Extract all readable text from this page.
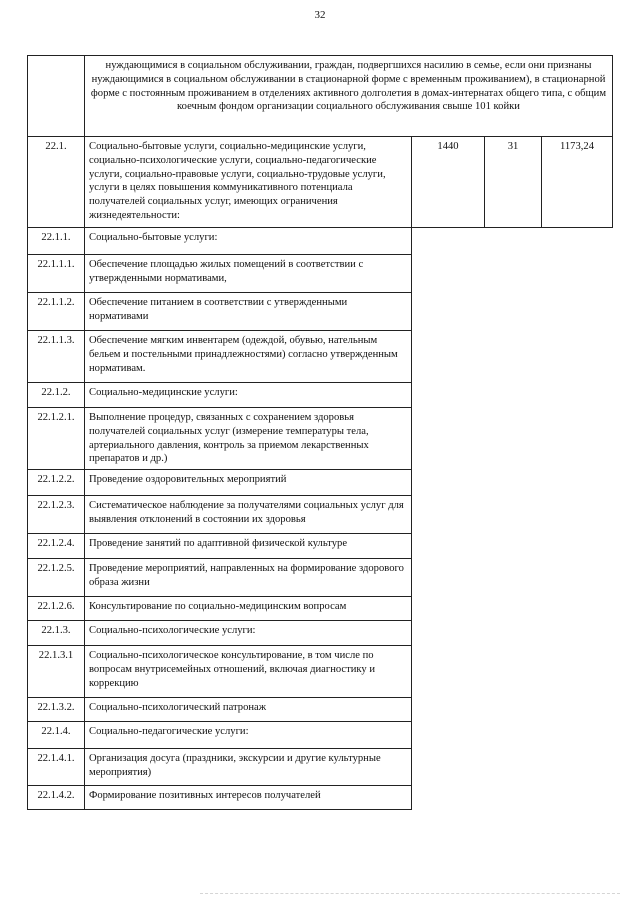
32
	нуждающимися в социальном обслуживании, граждан, подвергшихся насилию в семье, если они признаны нуждающимися в социальном обслуживании в стационарной форме с временным проживанием), в стационарной форме с постоянным проживанием в отделениях активного долголетия в домах-интернатах общего типа, с общим коечным фондом организации социального обслуживания свыше 101 койки			
22.1.	Социально-бытовые услуги, социально-медицинские услуги, социально-психологические услуги, социально-педагогические услуги, социально-правовые услуги, социально-трудовые услуги, услуги в целях повышения коммуникативного потенциала получателей социальных услуг, имеющих ограничения жизнедеятельности:	1440	31	1173,24
22.1.1.	Социально-бытовые услуги:			
22.1.1.1.	Обеспечение площадью жилых помещений в соответствии с утвержденными нормативами,			
22.1.1.2.	Обеспечение питанием в соответствии с утвержденными нормативами			
22.1.1.3.	Обеспечение мягким инвентарем (одеждой, обувью, нательным бельем и постельными принадлежностями) согласно утвержденным нормативам.			
22.1.2.	Социально-медицинские услуги:			
22.1.2.1.	Выполнение процедур, связанных с сохранением здоровья получателей социальных услуг (измерение температуры тела, артериального давления, контроль за приемом лекарственных препаратов и др.)			
22.1.2.2.	Проведение оздоровительных мероприятий			
22.1.2.3.	Систематическое наблюдение за получателями социальных услуг для выявления отклонений в состоянии их здоровья			
22.1.2.4.	Проведение занятий по адаптивной физической культуре			
22.1.2.5.	Проведение мероприятий, направленных на формирование здорового образа жизни			
22.1.2.6.	Консультирование по социально-медицинским вопросам			
22.1.3.	Социально-психологические услуги:			
22.1.3.1	Социально-психологическое консультирование, в том числе по вопросам внутрисемейных отношений, включая диагностику и коррекцию			
22.1.3.2.	Социально-психологический патронаж			
22.1.4.	Социально-педагогические услуги:			
22.1.4.1.	Организация досуга (праздники, экскурсии и другие культурные мероприятия)			
22.1.4.2.	Формирование позитивных интересов получателей			
